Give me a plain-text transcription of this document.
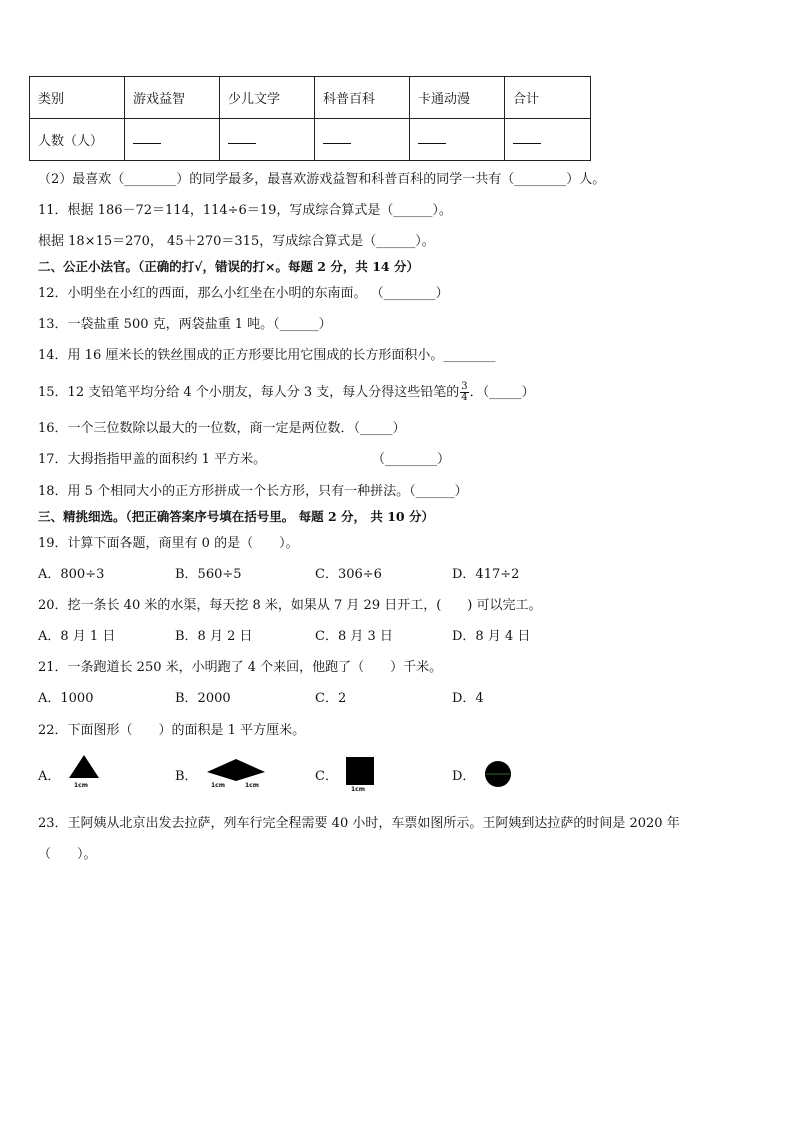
类别	游戏益智	少儿文学	科普百科	卡通动漫	合计
人数（人）					
（2）最喜欢（________）的同学最多，最喜欢游戏益智和科普百科的同学一共有（________）人。
11．根据 186－72＝114，114÷6＝19，写成综合算式是（______）。
根据 18×15＝270， 45＋270＝315，写成综合算式是（______）。
二、公正小法官。（正确的打√，错误的打×。每题 2 分，共 14 分）
12．小明坐在小红的西面，那么小红坐在小明的东南面。 （________）
13．一袋盐重 500 克，两袋盐重 1 吨。（______）
14．用 16 厘米长的铁丝围成的正方形要比用它围成的长方形面积小。________
15．12 支铅笔平均分给 4 个小朋友，每人分 3 支，每人分得这些铅笔的 $\frac{3}{4}$ ．（_____）
16．一个三位数除以最大的一位数，商一定是两位数．（_____）
17．大拇指指甲盖的面积约 1 平方米。	（________）
18．用 5 个相同大小的正方形拼成一个长方形，只有一种拼法。（______）
三、精挑细选。（把正确答案序号填在括号里。 每题 2 分， 共 10 分）
19．计算下面各题，商里有 0 的是（　　）。
A．800÷3	B．560÷5	C．306÷6	D．417÷2
20．挖一条长 40 米的水渠，每天挖 8 米，如果从 7 月 29 日开工，(　　) 可以完工。
A．8 月 1 日	B．8 月 2 日	C．8 月 3 日	D．8 月 4 日
21．一条跑道长 250 米，小明跑了 4 个来回，他跑了（　　）千米。
A．1000	B．2000	C．2	D．4
22．下面图形（　　）的面积是 1 平方厘米。
A．
1cm
B．
1cm	1cm
C．
1cm
D．
23．王阿姨从北京出发去拉萨，列车行完全程需要 40 小时，车票如图所示。王阿姨到达拉萨的时间是 2020 年
（　　）。
